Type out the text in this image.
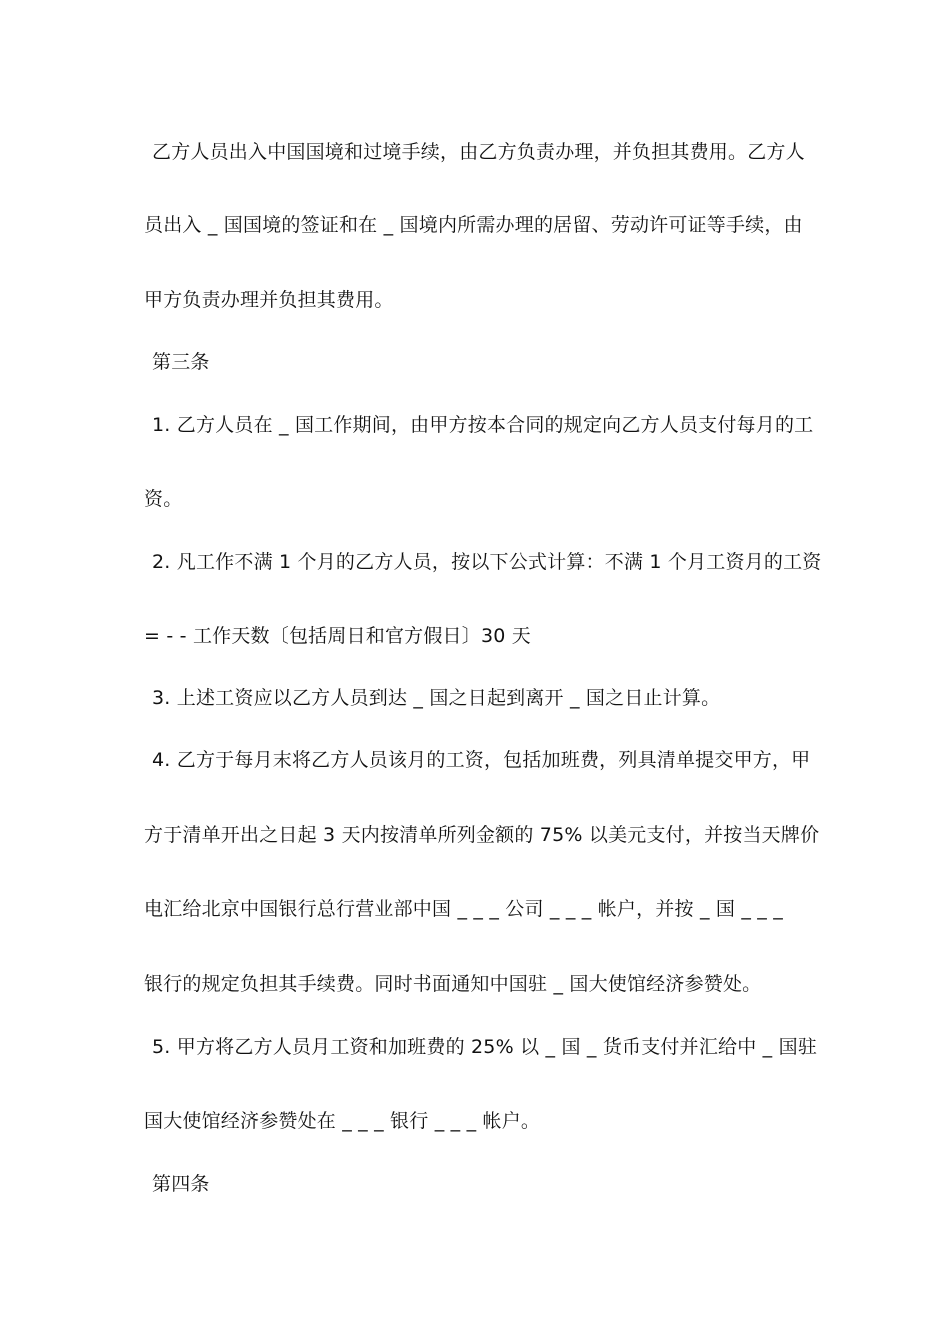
乙方人员出入中国国境和过境手续，由乙方负责办理，并负担其费用。乙方人
员出入 _ 国国境的签证和在 _ 国境内所需办理的居留、劳动许可证等手续，由
甲方负责办理并负担其费用。
第三条
1. 乙方人员在 _ 国工作期间，由甲方按本合同的规定向乙方人员支付每月的工
资。
2. 凡工作不满 1 个月的乙方人员，按以下公式计算：不满 1 个月工资月的工资
= - - 工作天数〔包括周日和官方假日〕30 天
3. 上述工资应以乙方人员到达 _ 国之日起到离开 _ 国之日止计算。
4. 乙方于每月末将乙方人员该月的工资，包括加班费，列具清单提交甲方，甲
方于清单开出之日起 3 天内按清单所列金额的 75% 以美元支付，并按当天牌价
电汇给北京中国银行总行营业部中国 _ _ _ 公司 _ _ _ 帐户，并按 _ 国 _ _ _
银行的规定负担其手续费。同时书面通知中国驻 _ 国大使馆经济参赞处。
5. 甲方将乙方人员月工资和加班费的 25% 以 _ 国 _ 货币支付并汇给中 _ 国驻
国大使馆经济参赞处在 _ _ _ 银行 _ _ _ 帐户。
第四条
